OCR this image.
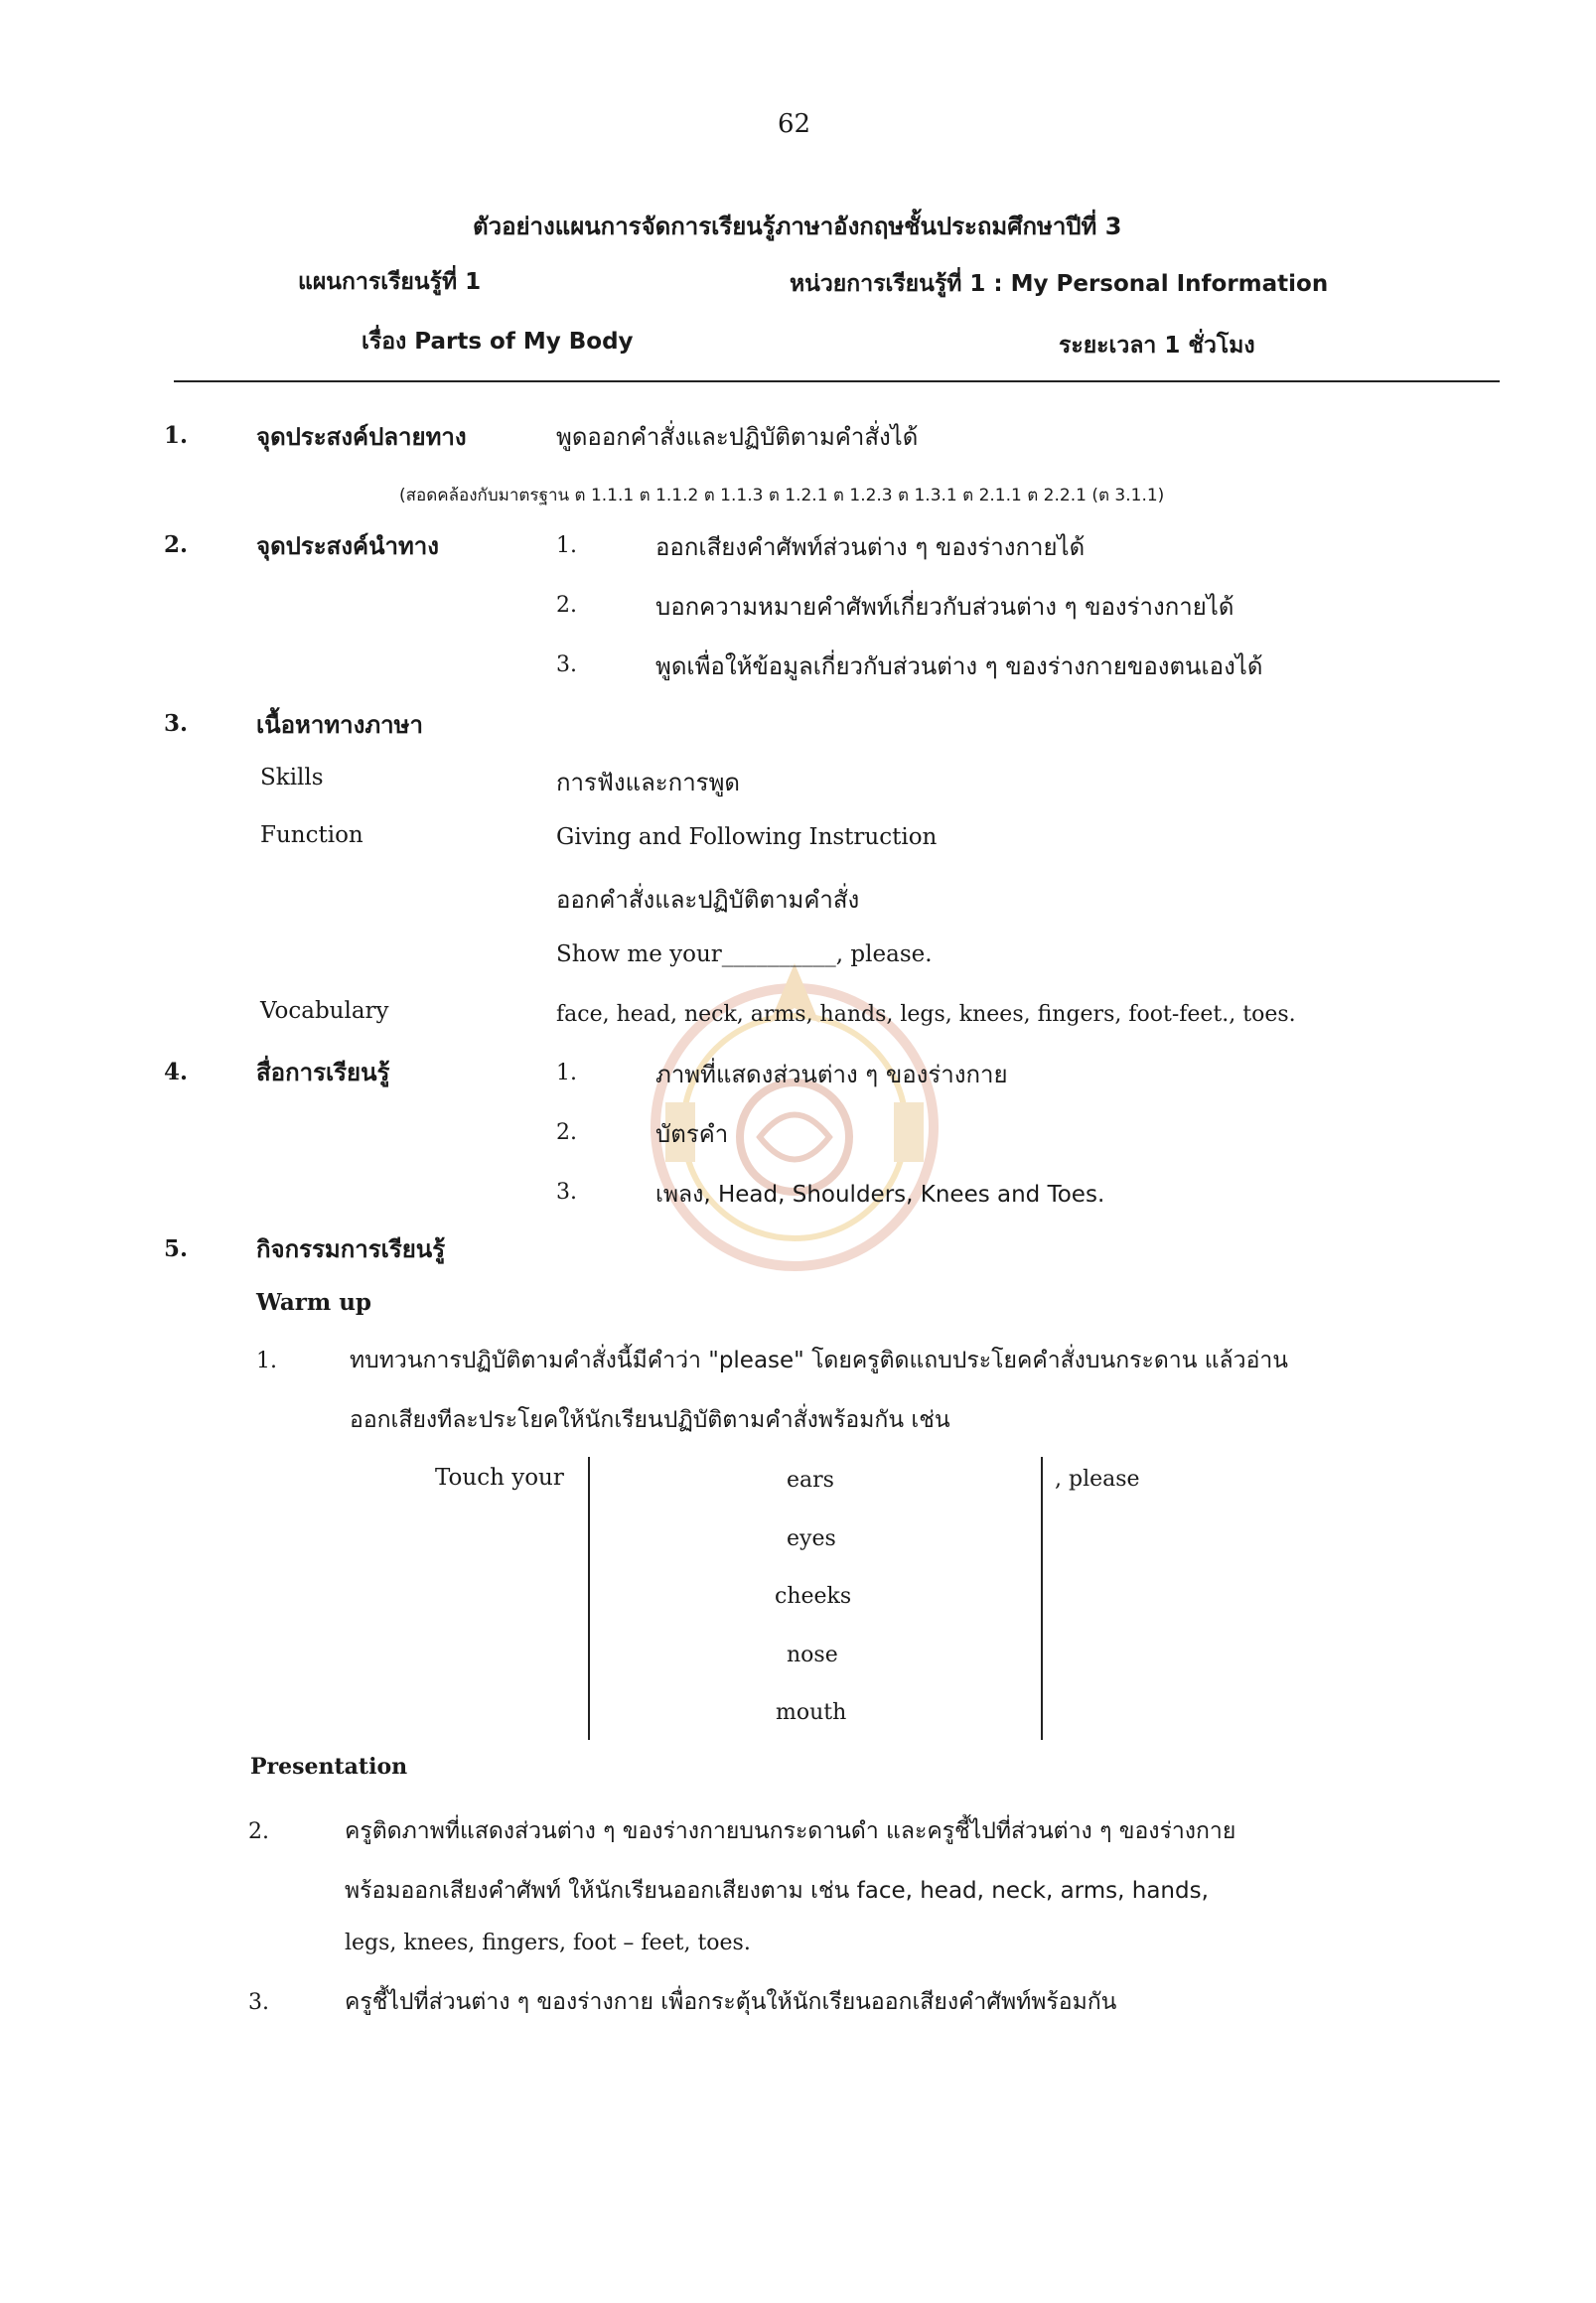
62
ตัวอย่างแผนการจัดการเรียนรู้ภาษาอังกฤษชั้นประถมศึกษาปีที่ 3
แผนการเรียนรู้ที่ 1	หน่วยการเรียนรู้ที่ 1 : My Personal Information
เรื่อง Parts of My Body	ระยะเวลา 1 ชั่วโมง
1.	จุดประสงค์ปลายทาง	พูดออกคำสั่งและปฏิบัติตามคำสั่งได้
(สอดคล้องกับมาตรฐาน ต 1.1.1 ต 1.1.2 ต 1.1.3 ต 1.2.1 ต 1.2.3 ต 1.3.1 ต 2.1.1 ต 2.2.1 (ต 3.1.1)
2.	จุดประสงค์นำทาง	1.	ออกเสียงคำศัพท์ส่วนต่าง ๆ ของร่างกายได้
2.	บอกความหมายคำศัพท์เกี่ยวกับส่วนต่าง ๆ ของร่างกายได้
3.	พูดเพื่อให้ข้อมูลเกี่ยวกับส่วนต่าง ๆ ของร่างกายของตนเองได้
3.	เนื้อหาทางภาษา
Skills	การฟังและการพูด
Function	Giving and Following Instruction
ออกคำสั่งและปฏิบัติตามคำสั่ง
Show me your__________, please.
Vocabulary	face, head, neck, arms, hands, legs, knees, fingers, foot-feet., toes.
4.	สื่อการเรียนรู้	1.	ภาพที่แสดงส่วนต่าง ๆ ของร่างกาย
2.	บัตรคำ
3.	เพลง, Head, Shoulders, Knees and Toes.
5.	กิจกรรมการเรียนรู้
Warm up
1.	ทบทวนการปฏิบัติตามคำสั่งนี้มีคำว่า "please" โดยครูติดแถบประโยคคำสั่งบนกระดาน แล้วอ่าน
ออกเสียงทีละประโยคให้นักเรียนปฏิบัติตามคำสั่งพร้อมกัน เช่น
Touch your	ears
eyes
cheeks
nose
mouth
, please
Presentation
2.	ครูติดภาพที่แสดงส่วนต่าง ๆ ของร่างกายบนกระดานดำ และครูชี้ไปที่ส่วนต่าง ๆ ของร่างกาย
พร้อมออกเสียงคำศัพท์ ให้นักเรียนออกเสียงตาม เช่น face, head, neck, arms, hands,
legs, knees, fingers, foot – feet, toes.
3.	ครูชี้ไปที่ส่วนต่าง ๆ ของร่างกาย เพื่อกระตุ้นให้นักเรียนออกเสียงคำศัพท์พร้อมกัน
